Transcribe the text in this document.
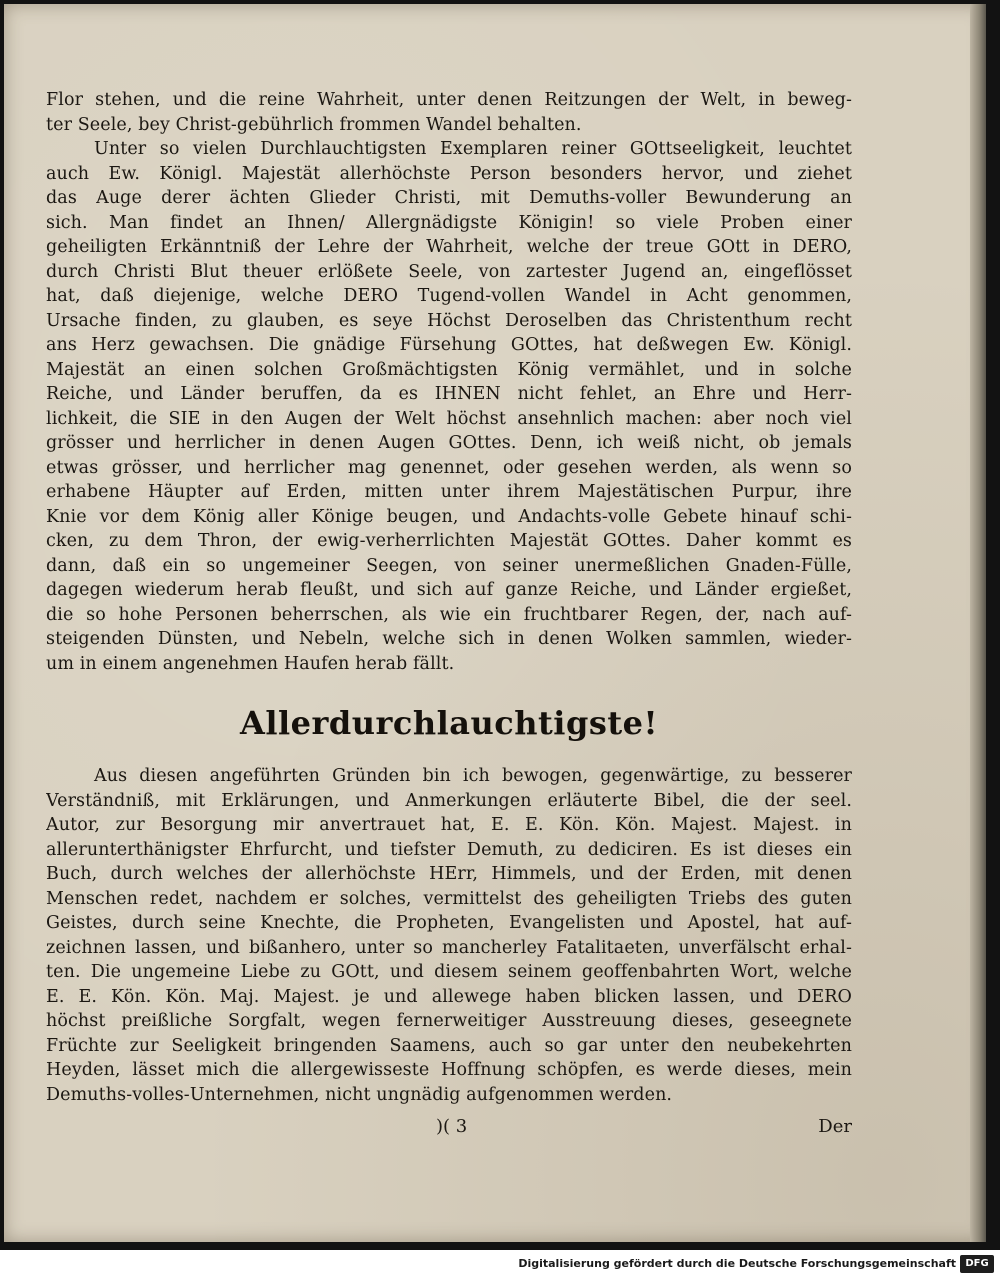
Flor stehen, und die reine Wahrheit, unter denen Reitzungen der Welt, in beweg-
ter Seele, bey Christ-gebührlich frommen Wandel behalten.
Unter so vielen Durchlauchtigsten Exemplaren reiner GOttseeligkeit, leuchtet
auch Ew. Königl. Majestät allerhöchste Person besonders hervor, und ziehet
das Auge derer ächten Glieder Christi, mit Demuths-voller Bewunderung an
sich. Man findet an Ihnen/ Allergnädigste Königin! so viele Proben einer
geheiligten Erkänntniß der Lehre der Wahrheit, welche der treue GOtt in DERO,
durch Christi Blut theuer erlößete Seele, von zartester Jugend an, eingeflösset
hat, daß diejenige, welche DERO Tugend-vollen Wandel in Acht genommen,
Ursache finden, zu glauben, es seye Höchst Deroselben das Christenthum recht
ans Herz gewachsen. Die gnädige Fürsehung GOttes, hat deßwegen Ew. Königl.
Majestät an einen solchen Großmächtigsten König vermählet, und in solche
Reiche, und Länder beruffen, da es IHNEN nicht fehlet, an Ehre und Herr-
lichkeit, die SIE in den Augen der Welt höchst ansehnlich machen: aber noch viel
grösser und herrlicher in denen Augen GOttes. Denn, ich weiß nicht, ob jemals
etwas grösser, und herrlicher mag genennet, oder gesehen werden, als wenn so
erhabene Häupter auf Erden, mitten unter ihrem Majestätischen Purpur, ihre
Knie vor dem König aller Könige beugen, und Andachts-volle Gebete hinauf schi-
cken, zu dem Thron, der ewig-verherrlichten Majestät GOttes. Daher kommt es
dann, daß ein so ungemeiner Seegen, von seiner unermeßlichen Gnaden-Fülle,
dagegen wiederum herab fleußt, und sich auf ganze Reiche, und Länder ergießet,
die so hohe Personen beherrschen, als wie ein fruchtbarer Regen, der, nach auf-
steigenden Dünsten, und Nebeln, welche sich in denen Wolken sammlen, wieder-
um in einem angenehmen Haufen herab fällt.
Allerdurchlauchtigste!
Aus diesen angeführten Gründen bin ich bewogen, gegenwärtige, zu besserer
Verständniß, mit Erklärungen, und Anmerkungen erläuterte Bibel, die der seel.
Autor, zur Besorgung mir anvertrauet hat, E. E. Kön. Kön. Majest. Majest. in
allerunterthänigster Ehrfurcht, und tiefster Demuth, zu dediciren. Es ist dieses ein
Buch, durch welches der allerhöchste HErr, Himmels, und der Erden, mit denen
Menschen redet, nachdem er solches, vermittelst des geheiligten Triebs des guten
Geistes, durch seine Knechte, die Propheten, Evangelisten und Apostel, hat auf-
zeichnen lassen, und bißanhero, unter so mancherley Fatalitaeten, unverfälscht erhal-
ten. Die ungemeine Liebe zu GOtt, und diesem seinem geoffenbahrten Wort, welche
E. E. Kön. Kön. Maj. Majest. je und allewege haben blicken lassen, und DERO
höchst preißliche Sorgfalt, wegen fernerweitiger Ausstreuung dieses, geseegnete
Früchte zur Seeligkeit bringenden Saamens, auch so gar unter den neubekehrten
Heyden, lässet mich die allergewisseste Hoffnung schöpfen, es werde dieses, mein
Demuths-volles-Unternehmen, nicht ungnädig aufgenommen werden.
)( 3	Der
Digitalisierung gefördert durch die Deutsche Forschungsgemeinschaft DFG
